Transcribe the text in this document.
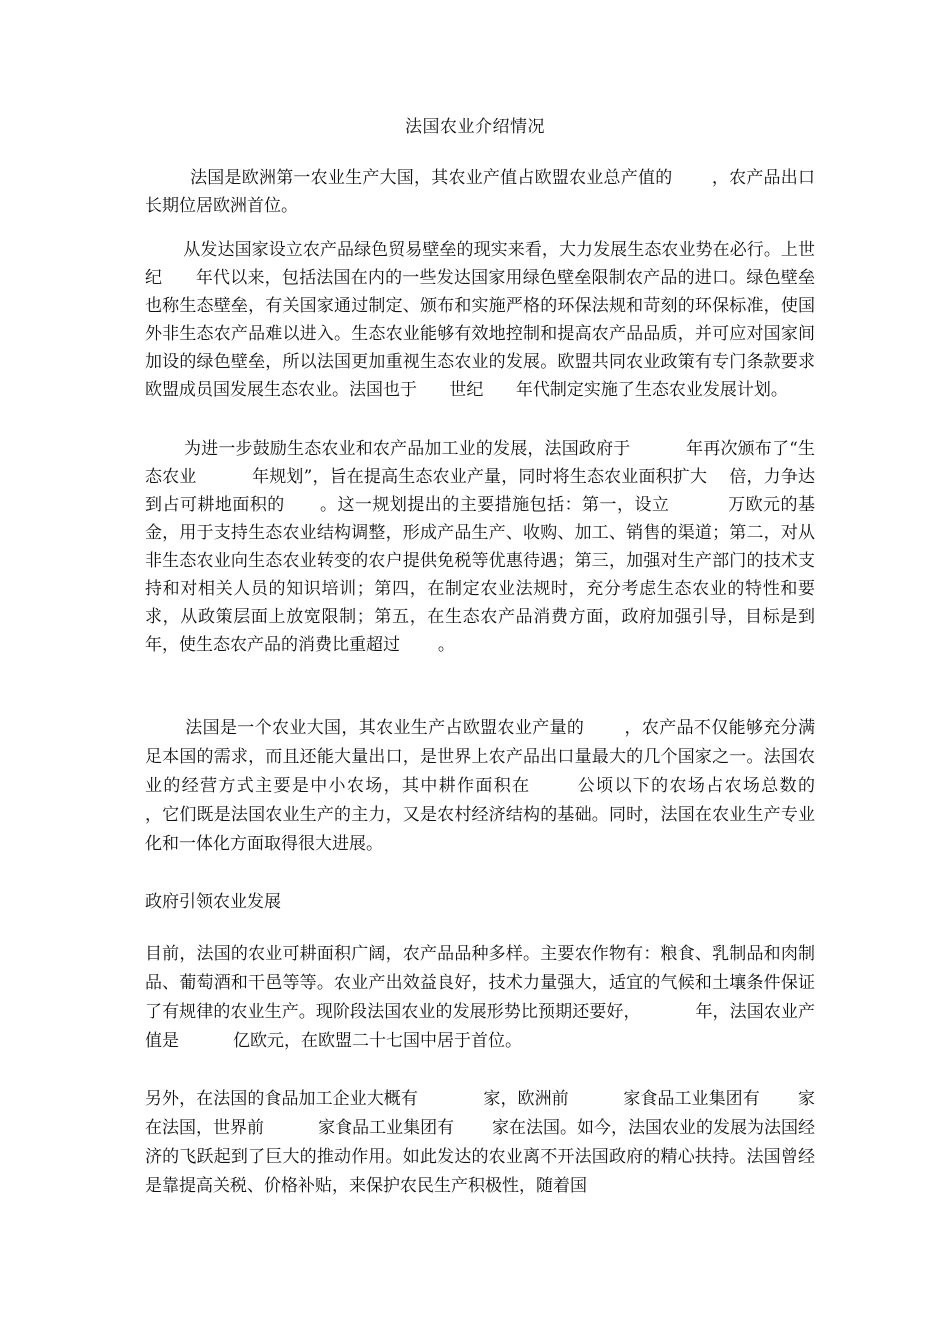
法国农业介绍情况
法国是欧洲第一农业生产大国，其农业产值占欧盟农业总产值的       ，农产品出口长期位居欧洲首位。
从发达国家设立农产品绿色贸易壁垒的现实来看，大力发展生态农业势在必行。上世纪      年代以来，包括法国在内的一些发达国家用绿色壁垒限制农产品的进口。绿色壁垒也称生态壁垒，有关国家通过制定、颁布和实施严格的环保法规和苛刻的环保标准，使国外非生态农产品难以进入。生态农业能够有效地控制和提高农产品品质，并可应对国家间加设的绿色壁垒，所以法国更加重视生态农业的发展。欧盟共同农业政策有专门条款要求欧盟成员国发展生态农业。法国也于      世纪      年代制定实施了生态农业发展计划。
为进一步鼓励生态农业和农产品加工业的发展，法国政府于          年再次颁布了“生态农业          年规划”，旨在提高生态农业产量，同时将生态农业面积扩大    倍，力争达到占可耕地面积的      。这一规划提出的主要措施包括：第一，设立          万欧元的基金，用于支持生态农业结构调整，形成产品生产、收购、加工、销售的渠道；第二，对从非生态农业向生态农业转变的农户提供免税等优惠待遇；第三，加强对生产部门的技术支持和对相关人员的知识培训；第四，在制定农业法规时，充分考虑生态农业的特性和要求，从政策层面上放宽限制；第五，在生态农产品消费方面，政府加强引导，目标是到          年，使生态农产品的消费比重超过       。
法国是一个农业大国，其农业生产占欧盟农业产量的       ，农产品不仅能够充分满足本国的需求，而且还能大量出口，是世界上农产品出口量最大的几个国家之一。法国农业的经营方式主要是中小农场，其中耕作面积在       公顷以下的农场占农场总数的       ，它们既是法国农业生产的主力，又是农村经济结构的基础。同时，法国在农业生产专业化和一体化方面取得很大进展。
政府引领农业发展
目前，法国的农业可耕面积广阔，农产品品种多样。主要农作物有：粮食、乳制品和肉制品、葡萄酒和干邑等等。农业产出效益良好，技术力量强大，适宜的气候和土壤条件保证了有规律的农业生产。现阶段法国农业的发展形势比预期还要好，          年，法国农业产值是          亿欧元，在欧盟二十七国中居于首位。
另外，在法国的食品加工企业大概有            家，欧洲前          家食品工业集团有       家在法国，世界前          家食品工业集团有       家在法国。如今，法国农业的发展为法国经济的飞跃起到了巨大的推动作用。如此发达的农业离不开法国政府的精心扶持。法国曾经是靠提高关税、价格补贴，来保护农民生产积极性，随着国
